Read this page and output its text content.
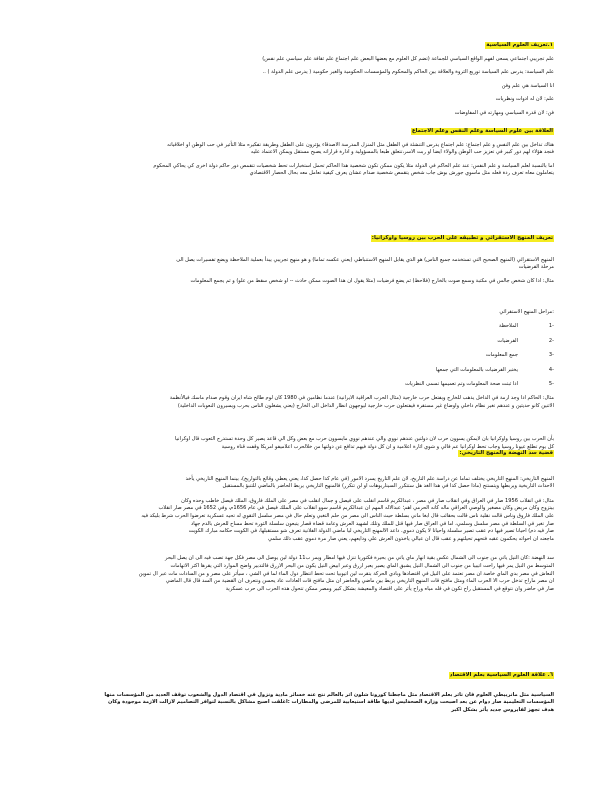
١.تعريف العلوم السياسية

علم تجريبي اجتماعي يسعى لفهم الواقع السياسي للجماعة (تضم كل العلوم مع بعضها البعض علم اجتماع علم ثقافة علم سياسي علم نفس)

علم السياسة: يدرس علم السياسة توزيع الثروة والعلاقة بين الحاكم والمحكوم والمؤسسات الحكومية والغير حكومية ( يدرس علم الدولة ) ..

انا السياسة هي علم وفن

علم: لان له ادوات ونظريات

فن: لان قدرة السياسي ومهارته في المفاوضات

العلاقة بين علوم السياسة وعلم النفس وعلم الاجتماع

هناك تداخل بين علم النفس و علم اجتماع: علم اجتماع يدرس التنشئة في الطفل مثل المنزل المدرسة الاصدقاء يؤثرون على الطفل وطريقة تفكيره مثلا التأثير في حب الوطن او اخلاقياته

فنجد هؤلاء لهم دور كبير في تعزيز حب الوطن والولاء ايضا او ربت الاسر،تتعلق طبعا بالمسؤولية و ادارة قراراته يصبح مستقل ويمكن الاعتماد عليه

اما بالنسبة لعلم السياسة و علم النفس: عند علم الحاكم في الدولة مثلا يكون ممكن تكون شخصية هذا الحاكم تحمل استخبارات تحط شخصيات تتقمص دور حاكم دولة اخرى كي يحاكي المحكوم

يتعاملون معاه تعرف ردة فعله مثل ماسوي جورش بوش جاب شخص يتقمص شخصية صدام عشان يعرف كيفية تعامل معه بحال الحصار الاقتصادي

تعريف المنهج الاستقرائي و تطبيقه على الحرب بين روسيا واوكرانيا:

المنهج الاستقرائي (المنهج الصحيح التي تستخدمه جميع الناس) هو الذي يقابل المنهج الاستنباطي (يعني عكسه تماما) و هو منهج تجريبي يبدأ بعملية الملاحظة ويضع تفسيرات يصل الى

مرحلة الفرضيات

مثال: اذا كان شخص جالس في مكتبة وسمع صوت بالخارج (فلاحظ) ثم يضع فرضيات (مثلا يقول ان هذا الصوت ممكن حادث -- او شخص سقط من علو) و ثم يجمع المعلومات

:مراحل المنهج الاستقرائي

-1
الملاحظة
-2
الفرضيات
-3
جمع المعلومات
-4
يختبر الفرضيات بالمعلومات التي جمعها
-5
اذا ثبتت صحة المعلومات وتم تعميمها تسمى النظريات

مثال: الحاكم اذا وجد ازمة في الداخل يذهب للخارج ويفتعل حرب خارجية (مثال الحرب العراقية الايرانية) عندما نظامين في 1980 كان لوم طائح شاه ايران وقوم صدام ماسك فيالأنظمة

الاثنين كانو حديثين و عندهم تغير نظام داخلي واوضاع غير مستقرة فيفتعلون حرب خارجية ليوجهون انظار الداخل الى الخارج (يعني يشغلون الناس بحرب ويسيرون النعوبات الداخلية)

بأن الحرب بين روسيا واوكرانيا بان لايمكن يسوون حرب لان دولتين عندهم نووي والي عندهم نووي مايسوون حرب مع بعض وكل الي قاعد يصير كل وحدة تستدرج الثعوب قال اوكرانيا

كل يوم تطلع عيونا روسيا وجاب تحط اوكرانيا عم فالي و شوي اثارة اعلامية و ان كل دولة فيهم تدافع عن دولتها من خلالحرب اعلاميفو امريكا وقفت قناة روسية

قضية سد النهضة والمنهج التاريخي:

المنهج التاريخي: المنهج التاريخي يختلف تماما عن دراسة علم التاريخ، لان علم التاريخ يسرد الامور (في عام كذا حصل كذا، يعني يعطي وقائع بالتواريخ)، بينما المنهج التاريخي يأخذ

الاحداث التاريخية ويربطها ويتسنتج (ماذا حصل كذا في هذا الغد هل ستتكرر السيناريوهات او لن تتكرر) فالمنهج التاريخي يربط الحاضر بالماضي للتنبؤ بالمستقبل

مثال: في انقلاب 1956 صار في العراق وفي انقلاب صار في مصر ، عبدالكريم قاسم انقلب على فيصل و جمال انقلب في مصر على الملك فاروق، الملك فيصل خاطب وحده وكان

بيتزوج وكان مريض وكان مصغير والوصي العراقي ماله كانه الحرمي اهم؛ عبدالاله المهم ان عبدالكريم قاسم سوو انقلاب على الملك فيصل في عام 1656م، وفي 1652 في مصر صار انقلاب

على الملك فاروق وناس قالت نقلية ناس قالت بحقائب قال ابغا ماني بسلطة حيث الناس الى مصر من حلم التغبي وتعلم حال في مصر سلسل التقوي له تحيه عسكرية تعرضوا الحرب شرط بليكد فيه

صار تغير في السلطة في مصر سلسل وسلمي، اما في العراق صار فيها قتل للملك وتلك لشهيد العرش وعامة قضاة قصار يتبعون سلسلة الثورة تحط مساح للعرش بالدم جهاد

صار فيه دم) احيانا تصير فيها دم عقب تصير سلسلة واحيانا لا يكون دموي. داعد الالمهنج التاريخي ليا ماضي الدولة الفلانية تعرف شو مستقبلها، في الكويت حكامه مبارك الكويت

ماجعنه ان احواته يحكمون عقبه فتحهم تحيلتهم و عقب قال ان عيالي ياخذون العرش علي ودايعهم، يعني صار مرة دموي عقب ذلك سلمي

سد النهضة :كان النيل ياتي من جنوب الى الشمال عكس بقية انهار ماي ياتي من بحيرة فكتوريا تنزل فيها امطار ويمر ب11 دولة لين يوصل الى مصر فكل جهة تصب فيه الى ان يصل البحر

المتوسط من النيل يمر فيها راحت اتيبيا من جنوب الى الشمال النيل يشبق الماي يصير يعبر ازرق وعبر ابيض النيل يكون من البحر الازرق فالتدبير واضح الموارد التي يقرها اكثر الاتهامات

النعاش في مصر بدي الماي خاصة ان مصر تعتمد على النيل في اقتصادها وبادي الحركة بتقرت لين اتيوبيا تحت تحط انتظار دول الماء لما في الشي ، سيأثر على مصر و من السادات مات عبر ال تموين

ان مصر ماراح تدخل حرب الا الحرب الماء ومثل مافتح قات المنهج التاريخي يربط بين ماضي والحاضر ان مثل مافتح قات العادات عاد يحسن ونتعرف ان القضية من السد قال قال الماضي

صار في حاضر وان نتوقع في المستقبل راح تكون في فله مياه وراح يأثر على اقتصاد والمعيشة بشكل كبير ومصر ممكن تتحول هذه الحرب الى حرب عسكرية

٦. علاقة العلوم السياسية بعلم الاقتصاد

السياسية مثل ماتربيطي العلوم فان تاثر بعلم الاقتصاد مثل ماجطنا كورونا شلون اثر بالعالم نتج عنه خسائر مادية ونزول في اقتصاد الدول والشعوب توقف العديد من المؤسسات منها

المؤسسات التعليمية صار دوام عن بعد اصبحت وزارة الصحةليس لديها طاقة استيعابية للمرضى والمطارات :اغلقت اصبح مشاكل بالنسبة لتوافر التصاميم لازالت الازمة موجودة وكان

هدف تجهز لفايروس جديد يأثر بشكل اكبر
